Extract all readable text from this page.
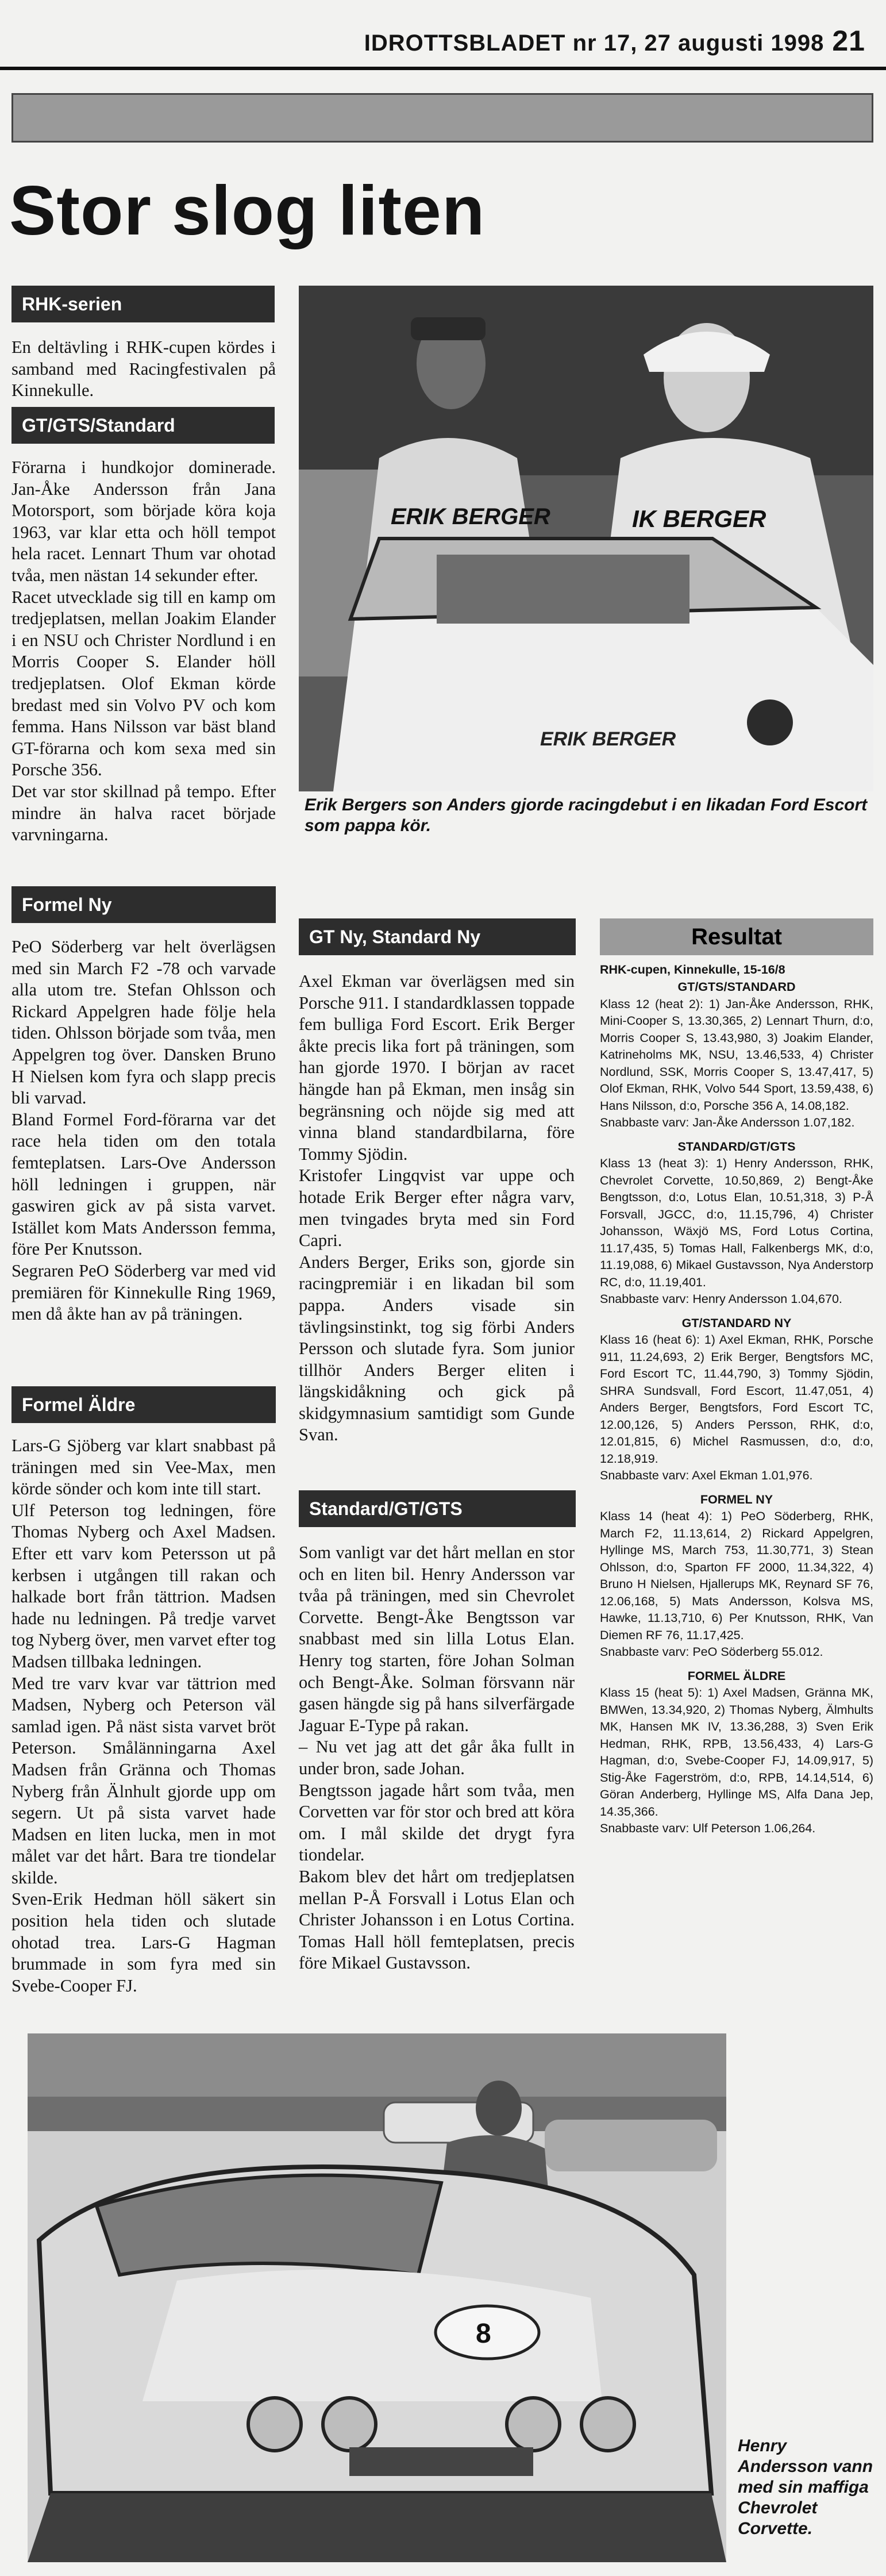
IDROTTSBLADET nr 17, 27 augusti 1998 21
Stor slog liten
RHK-serien
En deltävling i RHK-cupen kördes i samband med Racingfestivalen på Kinnekulle.
GT/GTS/Standard
Förarna i hundkojor dominerade. Jan-Åke Andersson från Jana Motorsport, som började köra koja 1963, var klar etta och höll tempot hela racet. Lennart Thum var ohotad tvåa, men nästan 14 sekunder efter.
Racet utvecklade sig till en kamp om tredjeplatsen, mellan Joakim Elander i en NSU och Christer Nordlund i en Morris Cooper S. Elander höll tredjeplatsen. Olof Ekman körde bredast med sin Volvo PV och kom femma. Hans Nilsson var bäst bland GT-förarna och kom sexa med sin Porsche 356.
Det var stor skillnad på tempo. Efter mindre än halva racet började varvningarna.
Formel Ny
PeO Söderberg var helt överlägsen med sin March F2 -78 och varvade alla utom tre. Stefan Ohlsson och Rickard Appelgren hade följe hela tiden. Ohlsson började som tvåa, men Appelgren tog över. Dansken Bruno H Nielsen kom fyra och slapp precis bli varvad.
Bland Formel Ford-förarna var det race hela tiden om den totala femteplatsen. Lars-Ove Andersson höll ledningen i gruppen, när gaswiren gick av på sista varvet. Istället kom Mats Andersson femma, före Per Knutsson.
Segraren PeO Söderberg var med vid premiären för Kinnekulle Ring 1969, men då åkte han av på träningen.
Formel Äldre
Lars-G Sjöberg var klart snabbast på träningen med sin Vee-Max, men körde sönder och kom inte till start.
Ulf Peterson tog ledningen, före Thomas Nyberg och Axel Madsen. Efter ett varv kom Petersson ut på kerbsen i utgången till rakan och halkade bort från tättrion. Madsen hade nu ledningen. På tredje varvet tog Nyberg över, men varvet efter tog Madsen tillbaka ledningen.
Med tre varv kvar var tättrion med Madsen, Nyberg och Peterson väl samlad igen. På näst sista varvet bröt Peterson. Smålänningarna Axel Madsen från Gränna och Thomas Nyberg från Älnhult gjorde upp om segern. Ut på sista varvet hade Madsen en liten lucka, men in mot målet var det hårt. Bara tre tiondelar skilde.
Sven-Erik Hedman höll säkert sin position hela tiden och slutade ohotad trea. Lars-G Hagman brummade in som fyra med sin Svebe-Cooper FJ.
ERIK BERGER	IK BERGER
ERIK BERGER
Erik Bergers son Anders gjorde racingdebut i en likadan Ford Escort som pappa kör.
GT Ny, Standard Ny
Axel Ekman var överlägsen med sin Porsche 911. I standardklassen toppade fem bulliga Ford Escort. Erik Berger åkte precis lika fort på träningen, som han gjorde 1970. I början av racet hängde han på Ekman, men insåg sin begränsning och nöjde sig med att vinna bland standardbilarna, före Tommy Sjödin.
Kristofer Lingqvist var uppe och hotade Erik Berger efter några varv, men tvingades bryta med sin Ford Capri.
Anders Berger, Eriks son, gjorde sin racingpremiär i en likadan bil som pappa. Anders visade sin tävlingsinstinkt, tog sig förbi Anders Persson och slutade fyra. Som junior tillhör Anders Berger eliten i längskidåkning och gick på skidgymnasium samtidigt som Gunde Svan.
Standard/GT/GTS
Som vanligt var det hårt mellan en stor och en liten bil. Henry Andersson var tvåa på träningen, med sin Chevrolet Corvette. Bengt-Åke Bengtsson var snabbast med sin lilla Lotus Elan. Henry tog starten, före Johan Solman och Bengt-Åke. Solman försvann när gasen hängde sig på hans silverfärgade Jaguar E-Type på rakan.
– Nu vet jag att det går åka fullt in under bron, sade Johan.
Bengtsson jagade hårt som tvåa, men Corvetten var för stor och bred att köra om. I mål skilde det drygt fyra tiondelar.
Bakom blev det hårt om tredjeplatsen mellan P-Å Forsvall i Lotus Elan och Christer Johansson i en Lotus Cortina. Tomas Hall höll femteplatsen, precis före Mikael Gustavsson.
Resultat
RHK-cupen, Kinnekulle, 15-16/8
GT/GTS/STANDARD
Klass 12 (heat 2): 1) Jan-Åke Andersson, RHK, Mini-Cooper S, 13.30,365, 2) Lennart Thurn, d:o, Morris Cooper S, 13.43,980, 3) Joakim Elander, Katrineholms MK, NSU, 13.46,533, 4) Christer Nordlund, SSK, Morris Cooper S, 13.47,417, 5) Olof Ekman, RHK, Volvo 544 Sport, 13.59,438, 6) Hans Nilsson, d:o, Porsche 356 A, 14.08,182.
Snabbaste varv: Jan-Åke Andersson 1.07,182.
STANDARD/GT/GTS
Klass 13 (heat 3): 1) Henry Andersson, RHK, Chevrolet Corvette, 10.50,869, 2) Bengt-Åke Bengtsson, d:o, Lotus Elan, 10.51,318, 3) P-Å Forsvall, JGCC, d:o, 11.15,796, 4) Christer Johansson, Wäxjö MS, Ford Lotus Cortina, 11.17,435, 5) Tomas Hall, Falkenbergs MK, d:o, 11.19,088, 6) Mikael Gustavsson, Nya Anderstorp RC, d:o, 11.19,401.
Snabbaste varv: Henry Andersson 1.04,670.
GT/STANDARD NY
Klass 16 (heat 6): 1) Axel Ekman, RHK, Porsche 911, 11.24,693, 2) Erik Berger, Bengtsfors MC, Ford Escort TC, 11.44,790, 3) Tommy Sjödin, SHRA Sundsvall, Ford Escort, 11.47,051, 4) Anders Berger, Bengtsfors, Ford Escort TC, 12.00,126, 5) Anders Persson, RHK, d:o, 12.01,815, 6) Michel Rasmussen, d:o, d:o, 12.18,919.
Snabbaste varv: Axel Ekman 1.01,976.
FORMEL NY
Klass 14 (heat 4): 1) PeO Söderberg, RHK, March F2, 11.13,614, 2) Rickard Appelgren, Hyllinge MS, March 753, 11.30,771, 3) Stean Ohlsson, d:o, Sparton FF 2000, 11.34,322, 4) Bruno H Nielsen, Hjallerups MK, Reynard SF 76, 12.06,168, 5) Mats Andersson, Kolsva MS, Hawke, 11.13,710, 6) Per Knutsson, RHK, Van Diemen RF 76, 11.17,425.
Snabbaste varv: PeO Söderberg 55.012.
FORMEL ÄLDRE
Klass 15 (heat 5): 1) Axel Madsen, Gränna MK, BMWen, 13.34,920, 2) Thomas Nyberg, Älmhults MK, Hansen MK IV, 13.36,288, 3) Sven Erik Hedman, RHK, RPB, 13.56,433, 4) Lars-G Hagman, d:o, Svebe-Cooper FJ, 14.09,917, 5) Stig-Åke Fagerström, d:o, RPB, 14.14,514, 6) Göran Anderberg, Hyllinge MS, Alfa Dana Jep, 14.35,366.
Snabbaste varv: Ulf Peterson 1.06,264.
8
Henry Andersson vann med sin maffiga Chevrolet Corvette.
